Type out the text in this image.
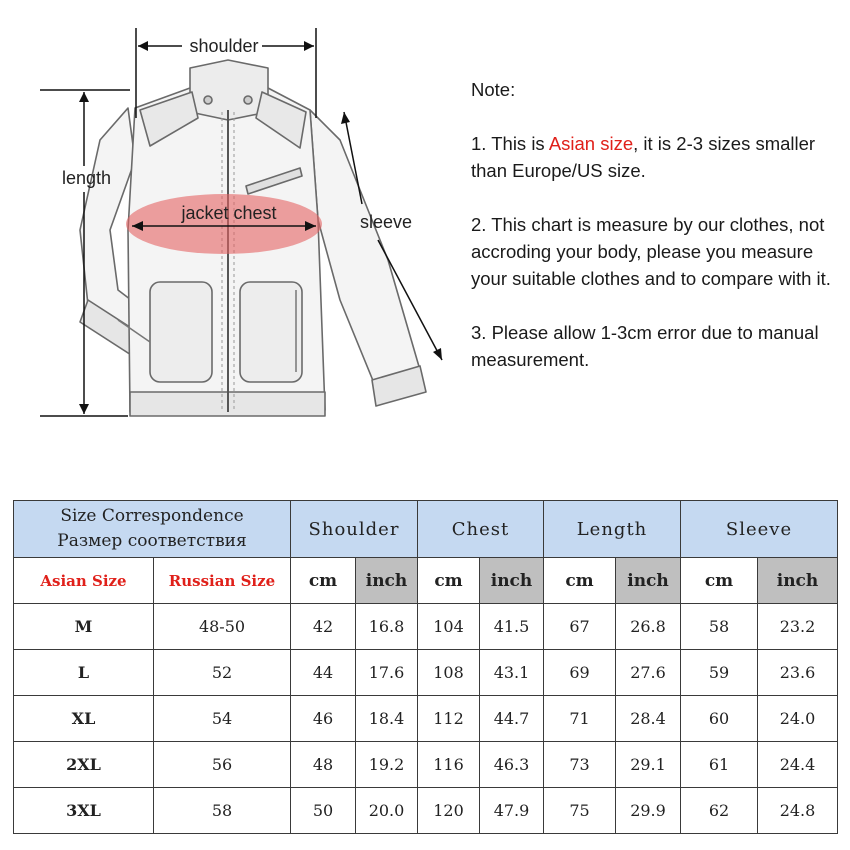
shoulder
length
jacket chest	sleeve

Note:

1. This is Asian size, it is 2-3 sizes smaller than Europe/US size.

2. This chart is measure by our clothes, not accroding your body, please you measure your suitable clothes and to compare with it.

3. Please allow 1-3cm error due to manual measurement.

Size Correspondence
Размер соответствия		Shoulder		Chest		Length		Sleeve	
Asian Size	Russian Size	cm	inch	cm	inch	cm	inch	cm	inch
M	48-50	42	16.8	104	41.5	67	26.8	58	23.2
L	52	44	17.6	108	43.1	69	27.6	59	23.6
XL	54	46	18.4	112	44.7	71	28.4	60	24.0
2XL	56	48	19.2	116	46.3	73	29.1	61	24.4
3XL	58	50	20.0	120	47.9	75	29.9	62	24.8
